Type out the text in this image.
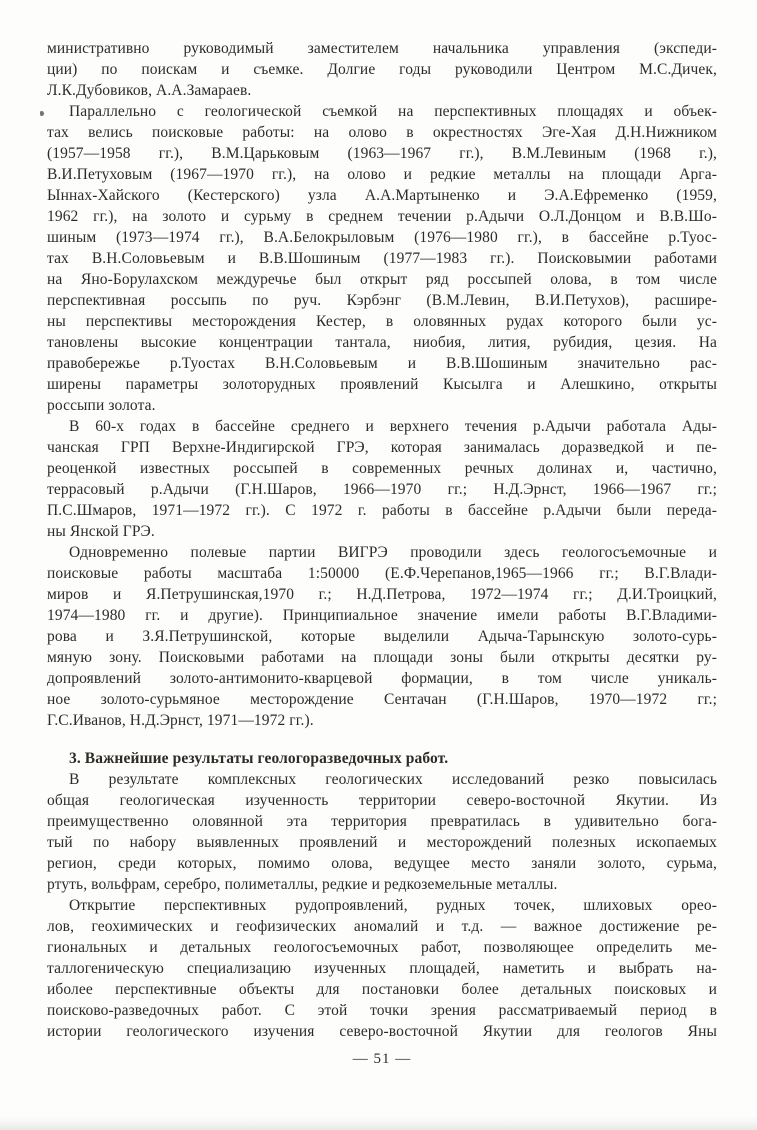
министративно руководимый заместителем начальника управления (экспеди-
ции) по поискам и съемке. Долгие годы руководили Центром М.С.Дичек,
Л.К.Дубовиков, А.А.Замараев.
Параллельно с геологической съемкой на перспективных площадях и объек-
тах велись поисковые работы: на олово в окрестностях Эге-Хая Д.Н.Нижником
(1957—1958 гг.), В.М.Царьковым (1963—1967 гг.), В.М.Левиным (1968 г.),
В.И.Петуховым (1967—1970 гг.), на олово и редкие металлы на площади Арга-
Ыннах-Хайского (Кестерского) узла А.А.Мартыненко и Э.А.Ефременко (1959,
1962 гг.), на золото и сурьму в среднем течении р.Адычи О.Л.Донцом и В.В.Шо-
шиным (1973—1974 гг.), В.А.Белокрыловым (1976—1980 гг.), в бассейне р.Туос-
тах В.Н.Соловьевым и В.В.Шошиным (1977—1983 гг.). Поисковымии работами
на Яно-Борулахском междуречье был открыт ряд россыпей олова, в том числе
перспективная россыпь по руч. Кэрбэнг (В.М.Левин, В.И.Петухов), расшире-
ны перспективы месторождения Кестер, в оловянных рудах которого были ус-
тановлены высокие концентрации тантала, ниобия, лития, рубидия, цезия. На
правобережье р.Туостах В.Н.Соловьевым и В.В.Шошиным значительно рас-
ширены параметры золоторудных проявлений Кысылга и Алешкино, открыты
россыпи золота.
В 60-х годах в бассейне среднего и верхнего течения р.Адычи работала Ады-
чанская ГРП Верхне-Индигирской ГРЭ, которая занималась доразведкой и пе-
реоценкой известных россыпей в современных речных долинах и, частично,
террасовый р.Адычи (Г.Н.Шаров, 1966—1970 гг.; Н.Д.Эрнст, 1966—1967 гг.;
П.С.Шмаров, 1971—1972 гг.). С 1972 г. работы в бассейне р.Адычи были переда-
ны Янской ГРЭ.
Одновременно полевые партии ВИГРЭ проводили здесь геологосъемочные и
поисковые работы масштаба 1:50000 (Е.Ф.Черепанов,1965—1966 гг.; В.Г.Влади-
миров и Я.Петрушинская,1970 г.; Н.Д.Петрова, 1972—1974 гг.; Д.И.Троицкий,
1974—1980 гг. и другие). Принципиальное значение имели работы В.Г.Владими-
рова и З.Я.Петрушинской, которые выделили Адыча-Тарынскую золото-сурь-
мяную зону. Поисковыми работами на площади зоны были открыты десятки ру-
допроявлений золото-антимонито-кварцевой формации, в том числе уникаль-
ное золото-сурьмяное месторождение Сентачан (Г.Н.Шаров, 1970—1972 гг.;
Г.С.Иванов, Н.Д.Эрнст, 1971—1972 гг.).
3. Важнейшие результаты геологоразведочных работ.
В результате комплексных геологических исследований резко повысилась
общая геологическая изученность территории северо-восточной Якутии. Из
преимущественно оловянной эта территория превратилась в удивительно бога-
тый по набору выявленных проявлений и месторождений полезных ископаемых
регион, среди которых, помимо олова, ведущее место заняли золото, сурьма,
ртуть, вольфрам, серебро, полиметаллы, редкие и редкоземельные металлы.
Открытие перспективных рудопроявлений, рудных точек, шлиховых орео-
лов, геохимических и геофизических аномалий и т.д. — важное достижение ре-
гиональных и детальных геологосъемочных работ, позволяющее определить ме-
таллогеническую специализацию изученных площадей, наметить и выбрать на-
иболее перспективные объекты для постановки более детальных поисковых и
поисково-разведочных работ. С этой точки зрения рассматриваемый период в
истории геологического изучения северо-восточной Якутии для геологов Яны
— 51 —
